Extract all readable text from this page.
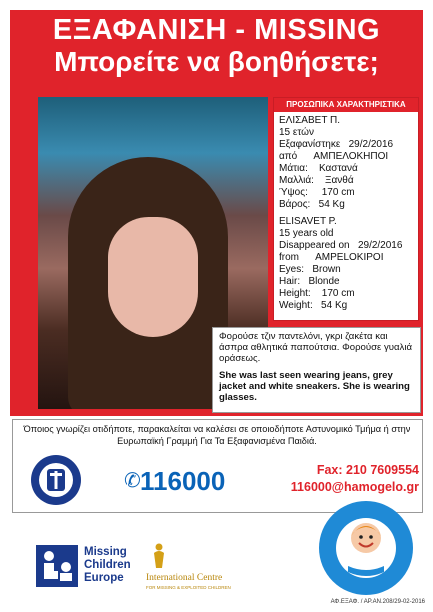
ΕΞΑΦΑΝΙΣΗ - MISSING
Μπορείτε να βοηθήσετε;
ΠΡΟΣΩΠΙΚΑ ΧΑΡΑΚΤΗΡΙΣΤΙΚΑ
ΕΛΙΣΑΒΕΤ Π.
15 ετών
Εξαφανίστηκε   29/2/2016
από      ΑΜΠΕΛΟΚΗΠΟΙ
Μάτια:    Καστανά
Μαλλιά:    Ξανθά
Ύψος:     170 cm
Βάρος:   54 Kg
ELISAVET P.
15 years old
Disappeared on   29/2/2016
from      AMPELOKIPOI
Eyes:   Brown
Hair:   Blonde
Height:    170 cm
Weight:   54 Kg
Φορούσε τζιν παντελόνι, γκρι ζακέτα και άσπρα αθλητικά παπούτσια. Φορούσε γυαλιά οράσεως.
She was last seen wearing jeans, grey jacket and white sneakers. She is wearing glasses.
Όποιος γνωρίζει οτιδήποτε, παρακαλείται να καλέσει σε οποιοδήποτε Αστυνομικό Τμήμα ή στην Ευρωπαϊκή Γραμμή Για Τα Εξαφανισμένα Παιδιά.
✆116000	Fax: 210 7609554
116000@hamogelo.gr
Missing Children Europe	International Centre
FOR MISSING & EXPLOITED CHILDREN
ΑΦ.ΕΞΑΦ. / ΑΡ.ΑΝ.208/29-02-2016
